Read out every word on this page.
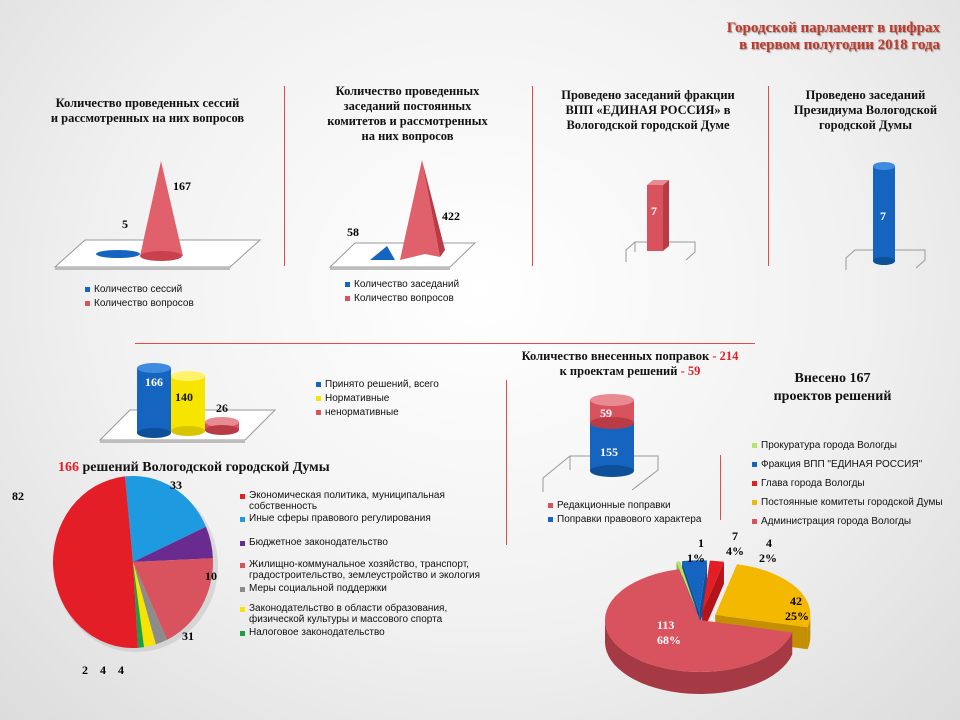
Городской парламент в цифрах
в первом полугодии 2018 года
Количество проведенных сессий
и рассмотренных на них вопросов
5
167
Количество сессий
Количество вопросов
Количество проведенных
заседаний постоянных
комитетов и рассмотренных
на них вопросов
58
422
Количество заседаний
Количество вопросов
Проведено заседаний фракции
ВПП «ЕДИНАЯ РОССИЯ» в
Вологодской городской Думе
7
Проведено заседаний
Президиума Вологодской
городской Думы
7
166
140
26
Принято решений, всего
Нормативные
ненормативные
Количество внесенных поправок - 214
к проектам решений - 59
59
155
Редакционные поправки
Поправки правового характера
166 решений Вологодской городской Думы
82
33
10
31
4
4
2
Экономическая политика, муниципальная собственность
Иные сферы правового регулирования
Бюджетное законодательство
Жилищно-коммунальное хозяйство, транспорт, градостроительство, землеустройство и экология
Меры социальной поддержки
Законодательство в области образования, физической культуры и массового спорта
Налоговое законодательство
Внесено 167
проектов решений
Прокуратура города Вологды
Фракция ВПП "ЕДИНАЯ РОССИЯ"
Глава города Вологды
Постоянные комитеты городской Думы
Администрация города Вологды
1
1%
7
4%
4
2%
42
25%
113
68%
